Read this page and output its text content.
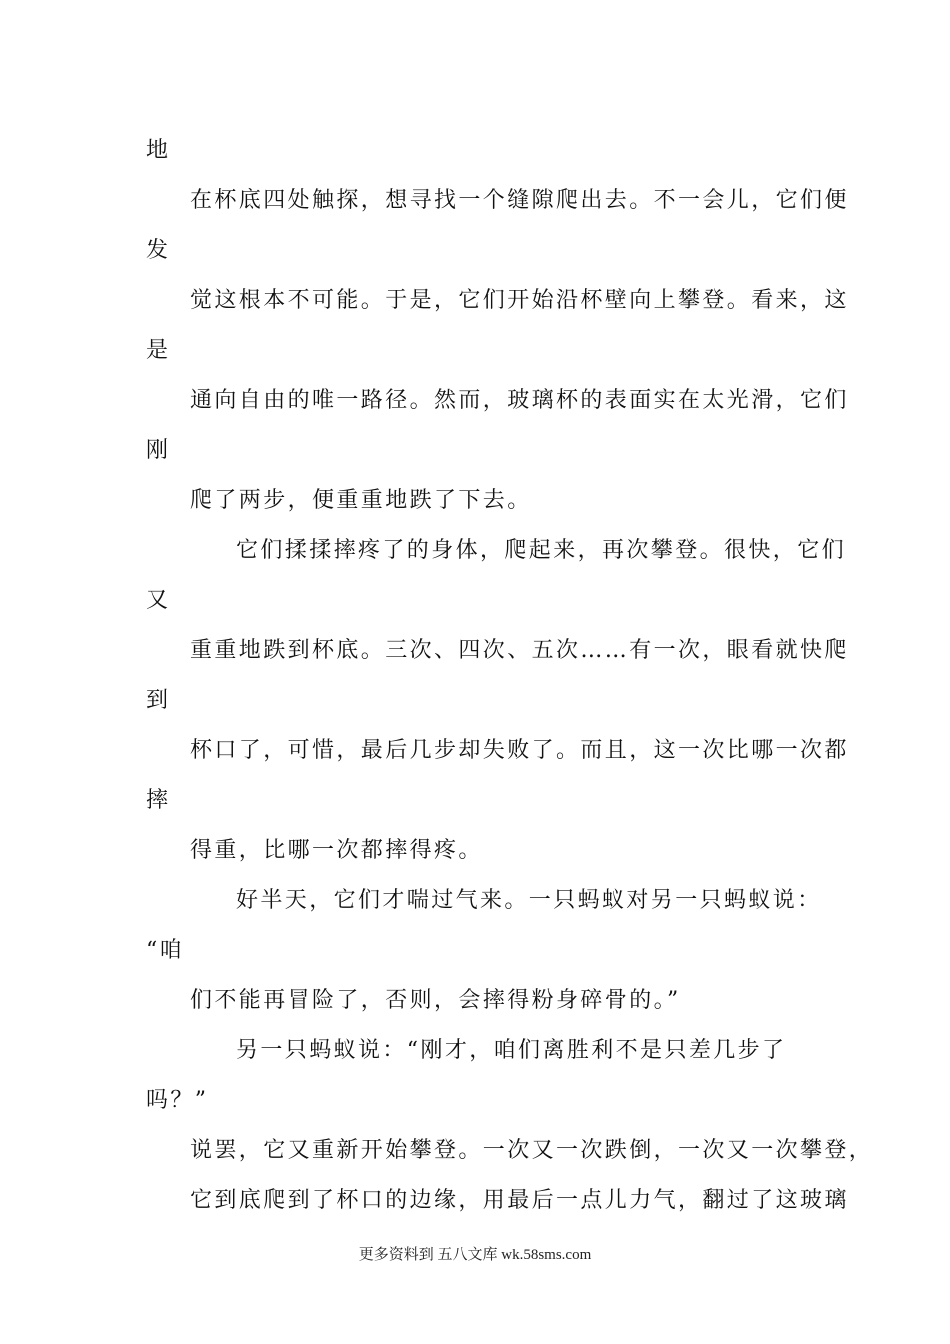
地
在杯底四处触探，想寻找一个缝隙爬出去。不一会儿，它们便
发
觉这根本不可能。于是，它们开始沿杯壁向上攀登。看来，这
是
通向自由的唯一路径。然而，玻璃杯的表面实在太光滑，它们
刚
爬了两步，便重重地跌了下去。
它们揉揉摔疼了的身体，爬起来，再次攀登。很快，它们
又
重重地跌到杯底。三次、四次、五次……有一次，眼看就快爬
到
杯口了，可惜，最后几步却失败了。而且，这一次比哪一次都
摔
得重，比哪一次都摔得疼。
好半天，它们才喘过气来。一只蚂蚁对另一只蚂蚁说：
“咱
们不能再冒险了，否则，会摔得粉身碎骨的。”
另一只蚂蚁说：“刚才，咱们离胜利不是只差几步了
吗？”
说罢，它又重新开始攀登。一次又一次跌倒，一次又一次攀登，
它到底爬到了杯口的边缘，用最后一点儿力气，翻过了这玻璃
更多资料到 五八文库 wk.58sms.com
